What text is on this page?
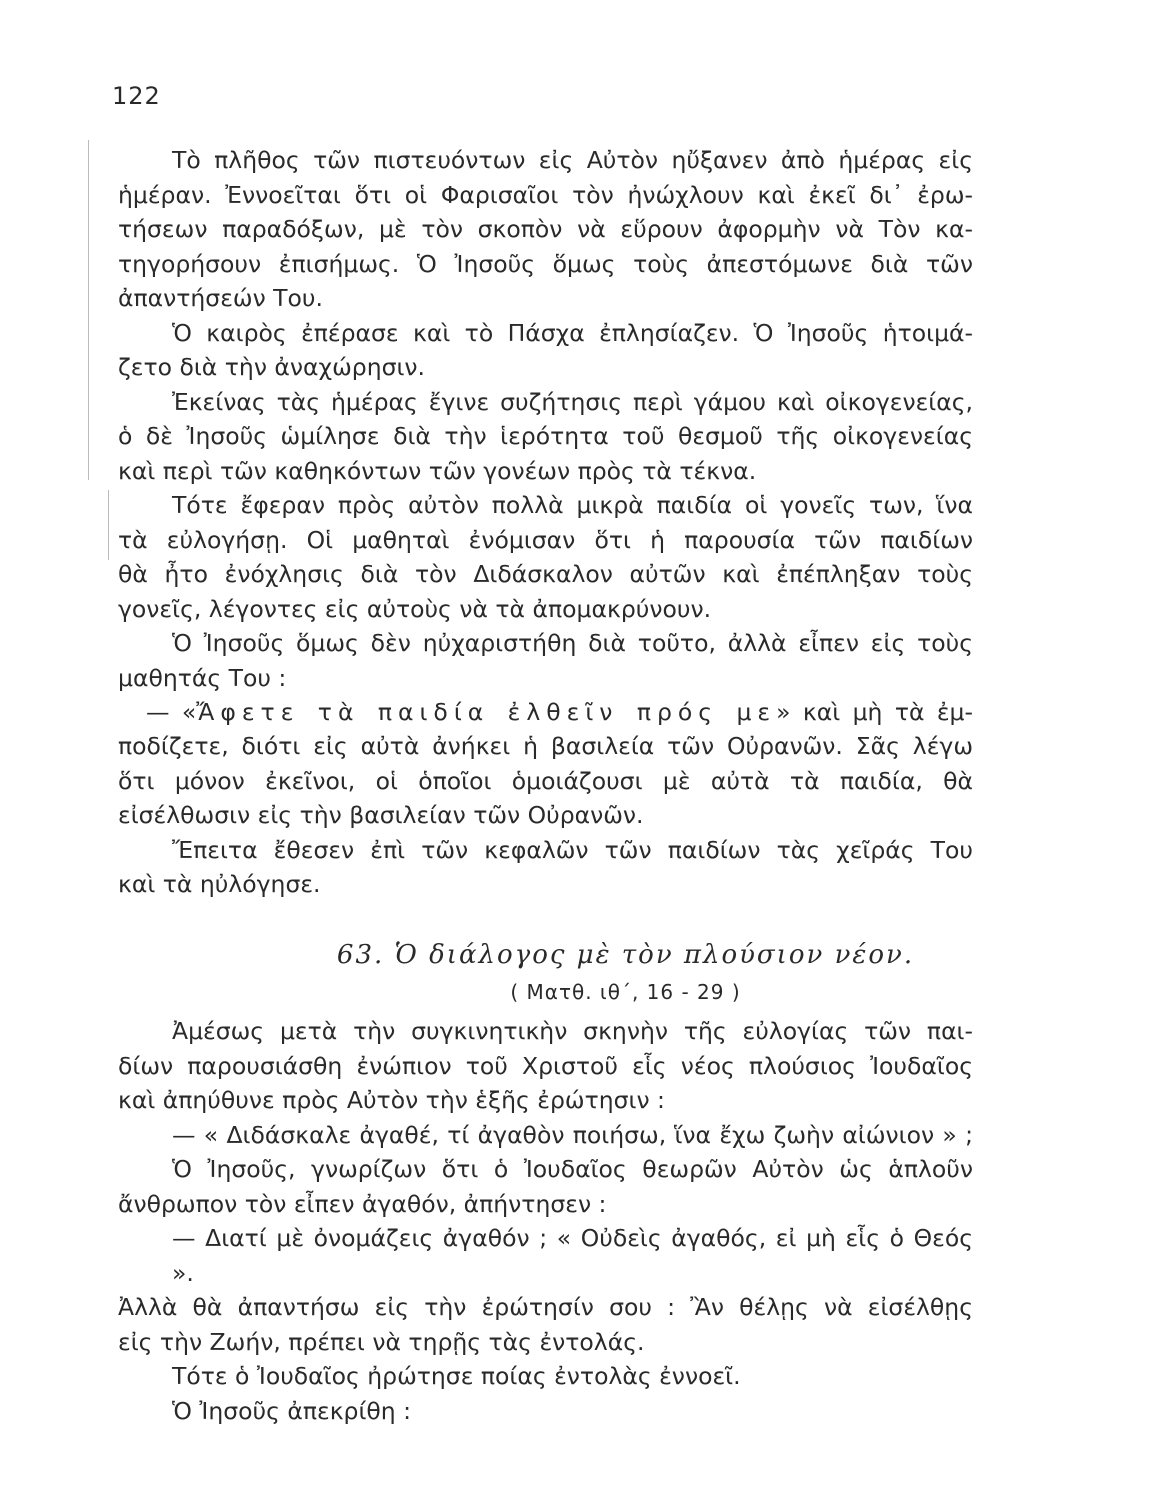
122
Τὸ πλῆθος τῶν πιστευόντων εἰς Αὐτὸν ηὔξανεν ἀπὸ ἡμέρας εἰς
ἡμέραν. Ἐννοεῖται ὅτι οἱ Φαρισαῖοι τὸν ἠνώχλουν καὶ ἐκεῖ δι᾿ ἐρω-
τήσεων παραδόξων, μὲ τὸν σκοπὸν νὰ εὕρουν ἀφορμὴν νὰ Τὸν κα-
τηγορήσουν ἐπισήμως. Ὁ Ἰησοῦς ὅμως τοὺς ἀπεστόμωνε διὰ τῶν
ἀπαντήσεών Του.
Ὁ καιρὸς ἐπέρασε καὶ τὸ Πάσχα ἐπλησίαζεν. Ὁ Ἰησοῦς ἡτοιμά-
ζετο διὰ τὴν ἀναχώρησιν.
Ἐκείνας τὰς ἡμέρας ἔγινε συζήτησις περὶ γάμου καὶ οἰκογενείας,
ὁ δὲ Ἰησοῦς ὡμίλησε διὰ τὴν ἱερότητα τοῦ θεσμοῦ τῆς οἰκογενείας
καὶ περὶ τῶν καθηκόντων τῶν γονέων πρὸς τὰ τέκνα.
Τότε ἔφεραν πρὸς αὐτὸν πολλὰ μικρὰ παιδία οἱ γονεῖς των, ἵνα
τὰ εὐλογήσῃ. Οἱ μαθηταὶ ἐνόμισαν ὅτι ἡ παρουσία τῶν παιδίων
θὰ ἦτο ἐνόχλησις διὰ τὸν Διδάσκαλον αὐτῶν καὶ ἐπέπληξαν τοὺς
γονεῖς, λέγοντες εἰς αὐτοὺς νὰ τὰ ἀπομακρύνουν.
Ὁ Ἰησοῦς ὅμως δὲν ηὐχαριστήθη διὰ τοῦτο, ἀλλὰ εἶπεν εἰς τοὺς
μαθητάς Του :
— «Ἄφετε τὰ παιδία ἐλθεῖν πρός με» καὶ μὴ τὰ ἐμ-
ποδίζετε, διότι εἰς αὐτὰ ἀνήκει ἡ βασιλεία τῶν Οὐρανῶν. Σᾶς λέγω
ὅτι μόνον ἐκεῖνοι, οἱ ὁποῖοι ὁμοιάζουσι μὲ αὐτὰ τὰ παιδία, θὰ
εἰσέλθωσιν εἰς τὴν βασιλείαν τῶν Οὐρανῶν.
Ἔπειτα ἔθεσεν ἐπὶ τῶν κεφαλῶν τῶν παιδίων τὰς χεῖράς Του
καὶ τὰ ηὐλόγησε.
63. Ὁ διάλογος μὲ τὸν πλούσιον νέον.
( Ματθ. ιθ΄, 16 - 29 )
Ἀμέσως μετὰ τὴν συγκινητικὴν σκηνὴν τῆς εὐλογίας τῶν παι-
δίων παρουσιάσθη ἐνώπιον τοῦ Χριστοῦ εἷς νέος πλούσιος Ἰουδαῖος
καὶ ἀπηύθυνε πρὸς Αὐτὸν τὴν ἑξῆς ἐρώτησιν :
— « Διδάσκαλε ἀγαθέ, τί ἀγαθὸν ποιήσω, ἵνα ἔχω ζωὴν αἰώνιον » ;
Ὁ Ἰησοῦς, γνωρίζων ὅτι ὁ Ἰουδαῖος θεωρῶν Αὐτὸν ὡς ἁπλοῦν
ἄνθρωπον τὸν εἶπεν ἀγαθόν, ἀπήντησεν :
— Διατί μὲ ὀνομάζεις ἀγαθόν ; « Οὐδεὶς ἀγαθός, εἰ μὴ εἷς ὁ Θεός ».
Ἀλλὰ θὰ ἀπαντήσω εἰς τὴν ἐρώτησίν σου : Ἂν θέλῃς νὰ εἰσέλθῃς
εἰς τὴν Ζωήν, πρέπει νὰ τηρῇς τὰς ἐντολάς.
Τότε ὁ Ἰουδαῖος ἠρώτησε ποίας ἐντολὰς ἐννοεῖ.
Ὁ Ἰησοῦς ἀπεκρίθη :
